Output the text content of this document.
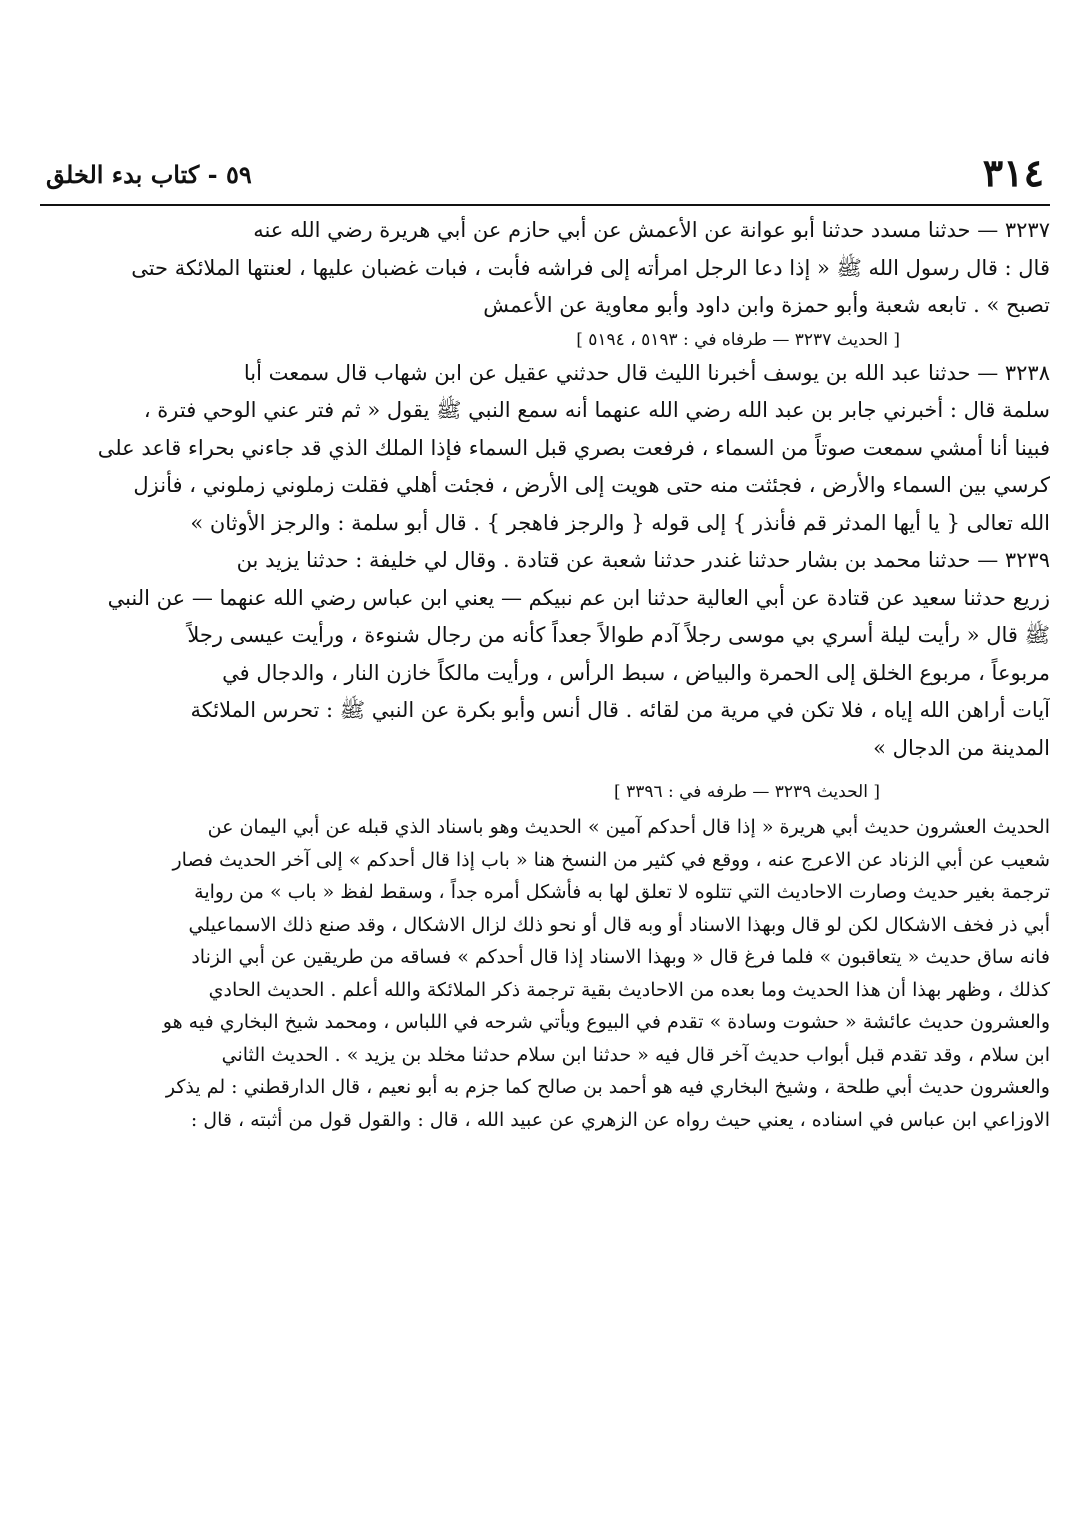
٣١٤
٥٩ - كتاب بدء الخلق
٣٢٣٧ — حدثنا مسدد حدثنا أبو عوانة عن الأعمش عن أبي حازم عن أبي هريرة رضي الله عنه
قال : قال رسول الله ﷺ « إذا دعا الرجل امرأته إلى فراشه فأبت ، فبات غضبان عليها ، لعنتها الملائكة حتى
تصبح » . تابعه شعبة وأبو حمزة وابن داود وأبو معاوية عن الأعمش
[ الحديث ٣٢٣٧ — طرفاه في : ٥١٩٣ ، ٥١٩٤ ]
٣٢٣٨ — حدثنا عبد الله بن يوسف أخبرنا الليث قال حدثني عقيل عن ابن شهاب قال سمعت أبا
سلمة قال : أخبرني جابر بن عبد الله رضي الله عنهما أنه سمع النبي ﷺ يقول « ثم فتر عني الوحي فترة ،
فبينا أنا أمشي سمعت صوتاً من السماء ، فرفعت بصري قبل السماء فإذا الملك الذي قد جاءني بحراء قاعد على
كرسي بين السماء والأرض ، فجئثت منه حتى هويت إلى الأرض ، فجئت أهلي فقلت زملوني زملوني ، فأنزل
الله تعالى { يا أيها المدثر قم فأنذر } إلى قوله { والرجز فاهجر } . قال أبو سلمة : والرجز الأوثان »
٣٢٣٩ — حدثنا محمد بن بشار حدثنا غندر حدثنا شعبة عن قتادة . وقال لي خليفة : حدثنا يزيد بن
زريع حدثنا سعيد عن قتادة عن أبي العالية حدثنا ابن عم نبيكم — يعني ابن عباس رضي الله عنهما — عن النبي
ﷺ قال « رأيت ليلة أسري بي موسى رجلاً آدم طوالاً جعداً كأنه من رجال شنوءة ، ورأيت عيسى رجلاً
مربوعاً ، مربوع الخلق إلى الحمرة والبياض ، سبط الرأس ، ورأيت مالكاً خازن النار ، والدجال في
آيات أراهن الله إياه ، فلا تكن في مرية من لقائه . قال أنس وأبو بكرة عن النبي ﷺ : تحرس الملائكة
المدينة من الدجال »
[ الحديث ٣٢٣٩ — طرفه في : ٣٣٩٦ ]
الحديث العشرون حديث أبي هريرة « إذا قال أحدكم آمين » الحديث وهو باسناد الذي قبله عن أبي اليمان عن
شعيب عن أبي الزناد عن الاعرج عنه ، ووقع في كثير من النسخ هنا « باب إذا قال أحدكم » إلى آخر الحديث فصار
ترجمة بغير حديث وصارت الاحاديث التي تتلوه لا تعلق لها به فأشكل أمره جداً ، وسقط لفظ « باب » من رواية
أبي ذر فخف الاشكال لكن لو قال وبهذا الاسناد أو وبه قال أو نحو ذلك لزال الاشكال ، وقد صنع ذلك الاسماعيلي
فانه ساق حديث « يتعاقبون » فلما فرغ قال « وبهذا الاسناد إذا قال أحدكم » فساقه من طريقين عن أبي الزناد
كذلك ، وظهر بهذا أن هذا الحديث وما بعده من الاحاديث بقية ترجمة ذكر الملائكة والله أعلم . الحديث الحادي
والعشرون حديث عائشة « حشوت وسادة » تقدم في البيوع ويأتي شرحه في اللباس ، ومحمد شيخ البخاري فيه هو
ابن سلام ، وقد تقدم قبل أبواب حديث آخر قال فيه « حدثنا ابن سلام حدثنا مخلد بن يزيد » . الحديث الثاني
والعشرون حديث أبي طلحة ، وشيخ البخاري فيه هو أحمد بن صالح كما جزم به أبو نعيم ، قال الدارقطني : لم يذكر
الاوزاعي ابن عباس في اسناده ، يعني حيث رواه عن الزهري عن عبيد الله ، قال : والقول قول من أثبته ، قال :
